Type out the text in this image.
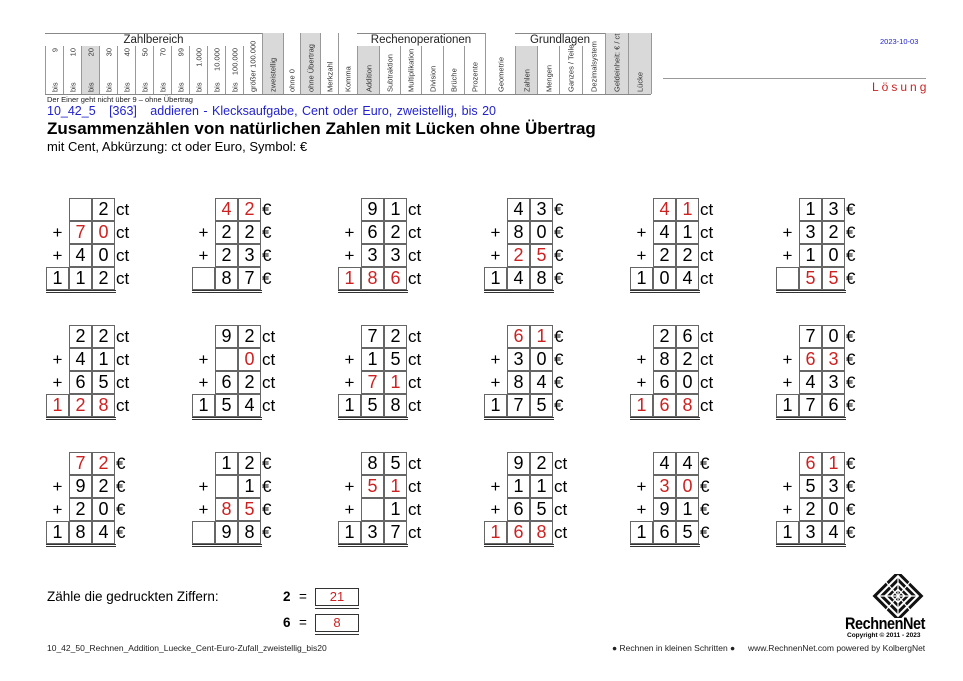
Zahlbereich	Rechenoperationen	Grundlagen
9
bis
10
bis
20
bis
30
bis
40
bis
50
bis
70
bis
99
bis
1.000
bis
10.000
bis
100.000
bis größer 100.000 zweistellig ohne 0 ohne Übertrag Merkzahl Komma Addition Subtraktion Multiplikation Division Brüche Prozente Geometrie Zahlen Mengen Ganzes / Teile Dezimalsystem Geldeinheit: € / ct Lücke
Der Einer geht nicht über 9 – ohne Übertrag
2023-10-03
Lösung
10_42_5   [363]   addieren - Klecksaufgabe, Cent oder Euro, zweistellig, bis 20
Zusammenzählen von natürlichen Zahlen mit Lücken ohne Übertrag
mit Cent, Abkürzung: ct oder Euro, Symbol: €
2 ct
+ 7 0 ct
+ 4 0 ct
1 1 2 ct
4 2 €
+ 2 2 €
+ 2 3 €
8 7 €
9 1 ct
+ 6 2 ct
+ 3 3 ct
1 8 6 ct
4 3 €
+ 8 0 €
+ 2 5 €
1 4 8 €
4 1 ct
+ 4 1 ct
+ 2 2 ct
1 0 4 ct
1 3 €
+ 3 2 €
+ 1 0 €
5 5 €
2 2 ct
+ 4 1 ct
+ 6 5 ct
1 2 8 ct
9 2 ct
+	0 ct
+ 6 2 ct
1 5 4 ct
7 2 ct
+ 1 5 ct
+ 7 1 ct
1 5 8 ct
6 1 €
+ 3 0 €
+ 8 4 €
1 7 5 €
2 6 ct
+ 8 2 ct
+ 6 0 ct
1 6 8 ct
7 0 €
+ 6 3 €
+ 4 3 €
1 7 6 €
7 2 €
+ 9 2 €
+ 2 0 €
1 8 4 €
1 2 €
+	1 €
+ 8 5 €
9 8 €
8 5 ct
+ 5 1 ct
+	1 ct
1 3 7 ct
9 2 ct
+ 1 1 ct
+ 6 5 ct
1 6 8 ct
4 4 €
+ 3 0 €
+ 9 1 €
1 6 5 €
6 1 €
+ 5 3 €
+ 2 0 €
1 3 4 €
Zähle die gedruckten Ziffern:	2 =	21
6 =	8
10_42_50_Rechnen_Addition_Luecke_Cent-Euro-Zufall_zweistellig_bis20	● Rechnen in kleinen Schritten ● www.RechnenNet.com powered by KolbergNet
RechnenNet
Copyright © 2011 - 2023
